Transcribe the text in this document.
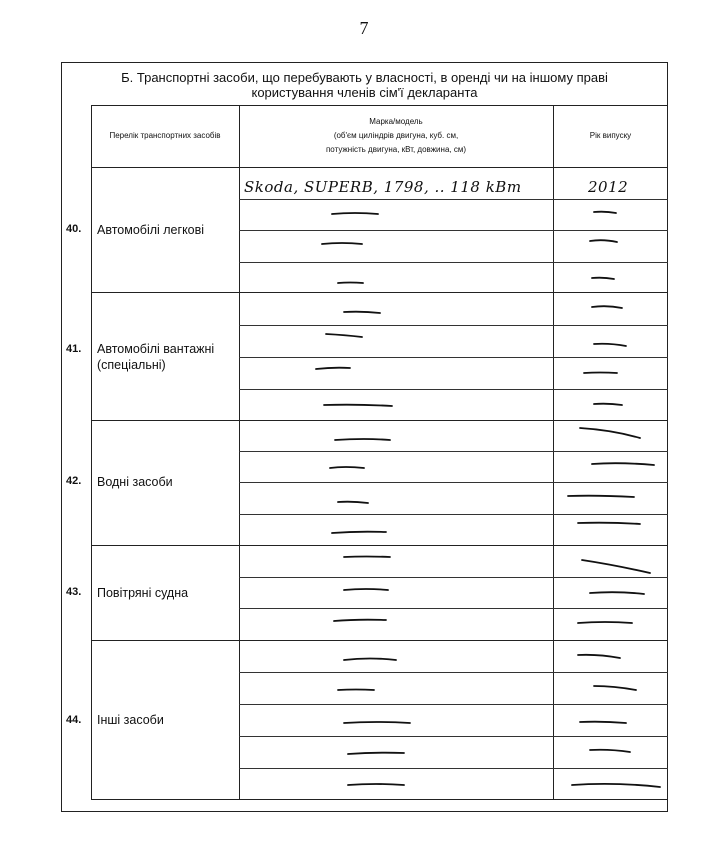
7
Б. Транспортні засоби, що перебувають у власності, в оренді чи на іншому праві
користування членів сім'ї декларанта
Перелік транспортних засобів
Марка/модель
(об'єм циліндрів двигуна, куб. см,
потужність двигуна, кВт, довжина, см)
Рік випуску
40. Автомобілі легкові
41. Автомобілі вантажні
(спеціальні)
42. Водні засоби
43. Повітряні судна
44. Інші засоби
Skoda, SUPERB, 1798, .. 118 kBт	2012
